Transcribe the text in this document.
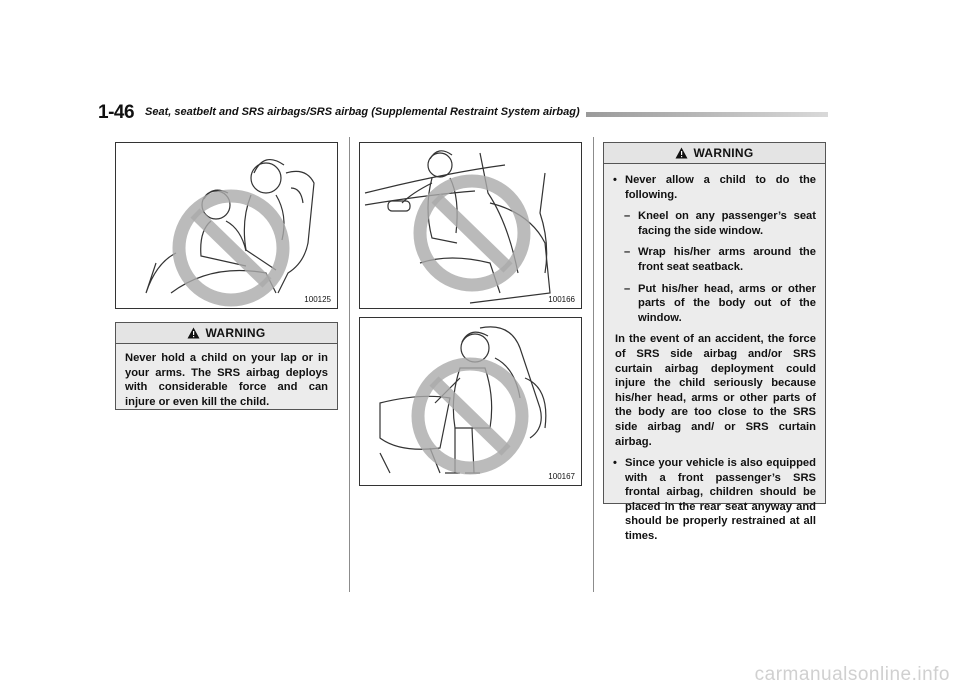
1-46 Seat, seatbelt and SRS airbags/SRS airbag (Supplemental Restraint System airbag)
100125
WARNING
Never hold a child on your lap or in your arms. The SRS airbag deploys with considerable force and can injure or even kill the child.
100166
100167
WARNING
• Never allow a child to do the following.
– Kneel on any passenger’s seat facing the side window.
– Wrap his/her arms around the front seat seatback.
– Put his/her head, arms or other parts of the body out of the window.
In the event of an accident, the force of SRS side airbag and/or SRS curtain airbag deployment could injure the child seriously because his/her head, arms or other parts of the body are too close to the SRS side airbag and/ or SRS curtain airbag.
• Since your vehicle is also equipped with a front passenger’s SRS frontal airbag, children should be placed in the rear seat anyway and should be properly restrained at all times.
carmanualsonline.info
